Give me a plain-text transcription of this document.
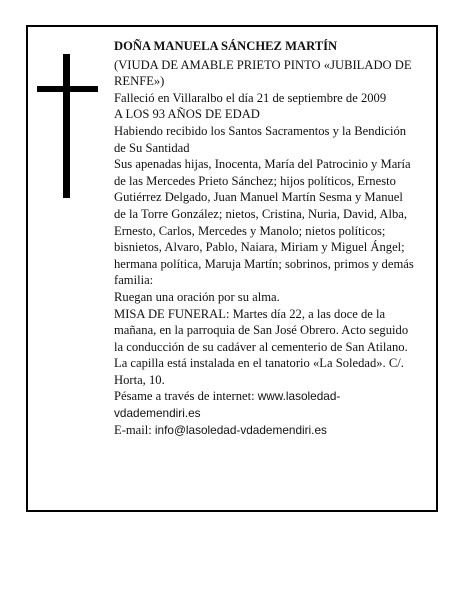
DOÑA MANUELA SÁNCHEZ MARTÍN

(VIUDA DE AMABLE PRIETO PINTO «JUBILADO DE RENFE»)

Falleció en Villaralbo el día 21 de septiembre de 2009

A LOS 93 AÑOS DE EDAD

Habiendo recibido los Santos Sacramentos y la Bendición de Su Santidad

Sus apenadas hijas, Inocenta, María del Patrocinio y María de las Mercedes Prieto Sánchez; hijos políticos, Ernesto Gutiérrez Delgado, Juan Manuel Martín Sesma y Manuel de la Torre González; nietos, Cristina, Nuria, David, Alba, Ernesto, Carlos, Mercedes y Manolo; nietos políticos; bisnietos, Alvaro, Pablo, Naiara, Miriam y Miguel Ángel; hermana política, Maruja Martín; sobrinos, primos y demás familia:

Ruegan una oración por su alma.

MISA DE FUNERAL: Martes día 22, a las doce de la mañana, en la parroquia de San José Obrero. Acto seguido la conducción de su cadáver al cementerio de San Atilano.

La capilla está instalada en el tanatorio «La Soledad». C/. Horta, 10.

Pésame a través de internet: www.lasoledad-vdademendiri.es

E-mail: info@lasoledad-vdademendiri.es
